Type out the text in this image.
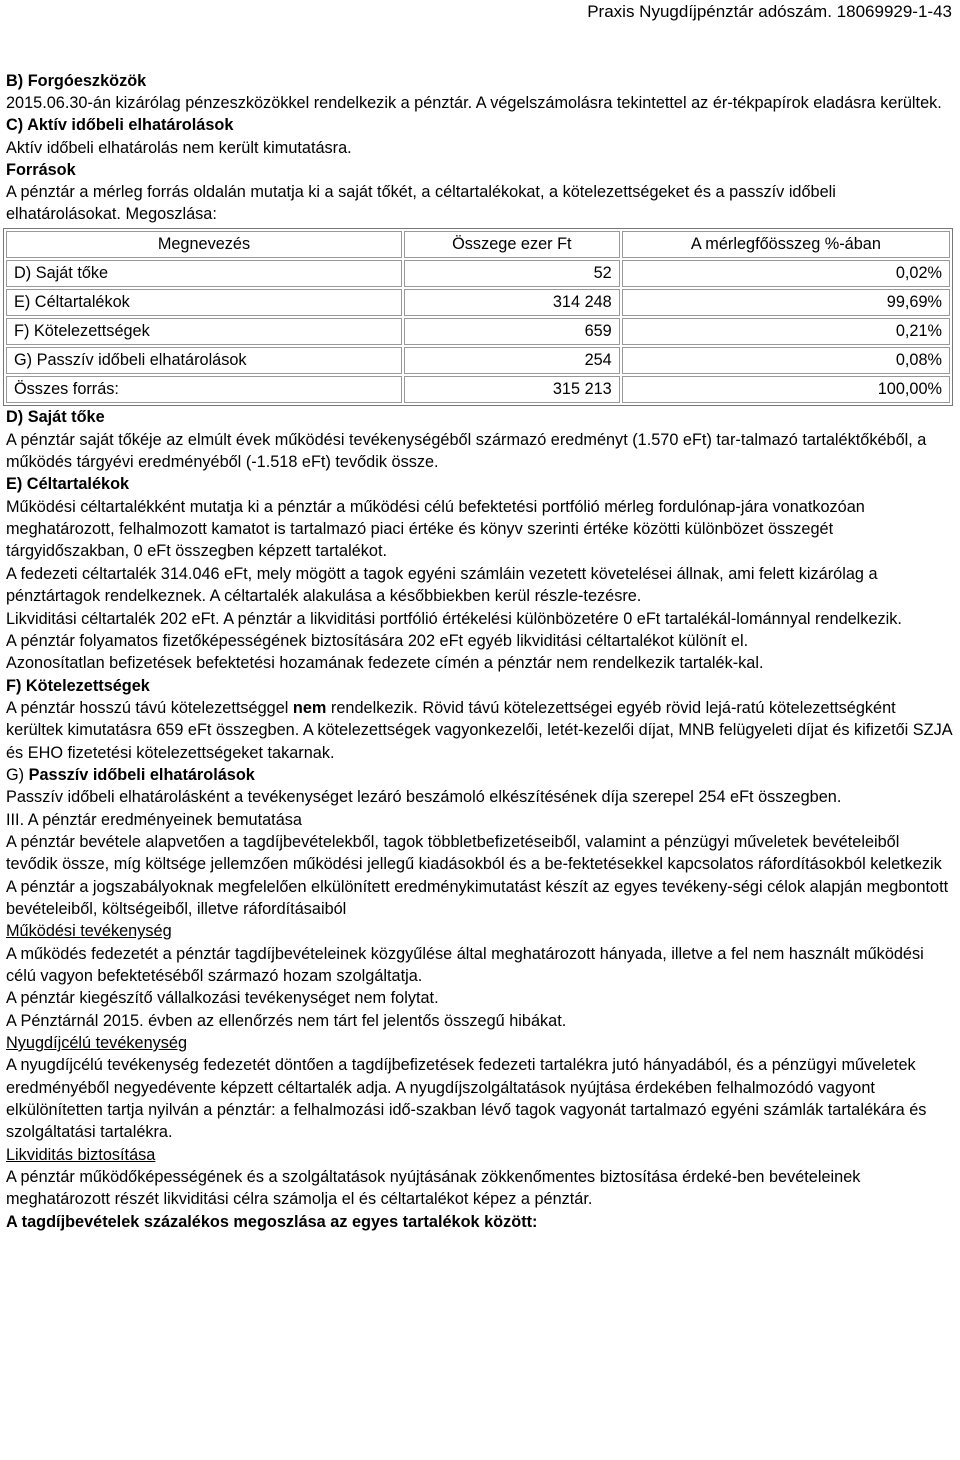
Praxis Nyugdíjpénztár adószám. 18069929-1-43

B) Forgóeszközök

2015.06.30-án kizárólag pénzeszközökkel rendelkezik a pénztár. A végelszámolásra tekintettel az ér-tékpapírok eladásra kerültek.

C) Aktív időbeli elhatárolások

Aktív időbeli elhatárolás nem került kimutatásra.

Források

A pénztár a mérleg forrás oldalán mutatja ki a saját tőkét, a céltartalékokat, a kötelezettségeket és a passzív időbeli elhatárolásokat. Megoszlása:

Megnevezés	Összege ezer Ft	A mérlegfőösszeg %-ában
D) Saját tőke	52	0,02%
E) Céltartalékok	314 248	99,69%
F) Kötelezettségek	659	0,21%
G) Passzív időbeli elhatárolások	254	0,08%
Összes forrás:	315 213	100,00%

D) Saját tőke

A pénztár saját tőkéje az elmúlt évek működési tevékenységéből származó eredményt (1.570 eFt) tar-talmazó tartaléktőkéből, a működés tárgyévi eredményéből (-1.518 eFt) tevődik össze.

E) Céltartalékok

Működési céltartalékként mutatja ki a pénztár a működési célú befektetési portfólió mérleg fordulónap-jára vonatkozóan meghatározott, felhalmozott kamatot is tartalmazó piaci értéke és könyv szerinti értéke közötti különbözet összegét tárgyidőszakban, 0 eFt összegben képzett tartalékot.

A fedezeti céltartalék 314.046 eFt, mely mögött a tagok egyéni számláin vezetett követelései állnak, ami felett kizárólag a pénztártagok rendelkeznek. A céltartalék alakulása a későbbiekben kerül részle-tezésre.

Likviditási céltartalék 202 eFt. A pénztár a likviditási portfólió értékelési különbözetére 0 eFt tartalékál-lománnyal rendelkezik.

A pénztár folyamatos fizetőképességének biztosítására 202 eFt egyéb likviditási céltartalékot különít el.

Azonosítatlan befizetések befektetési hozamának fedezete címén a pénztár nem rendelkezik tartalék-kal.

F) Kötelezettségek

A pénztár hosszú távú kötelezettséggel nem rendelkezik. Rövid távú kötelezettségei egyéb rövid lejá-ratú kötelezettségként kerültek kimutatásra 659 eFt összegben. A kötelezettségek vagyonkezelői, letét-kezelői díjat, MNB felügyeleti díjat és kifizetői SZJA és EHO fizetetési kötelezettségeket takarnak.

G) Passzív időbeli elhatárolások

Passzív időbeli elhatárolásként a tevékenységet lezáró beszámoló elkészítésének díja szerepel 254 eFt összegben.

III. A pénztár eredményeinek bemutatása

A pénztár bevétele alapvetően a tagdíjbevételekből, tagok többletbefizetéseiből, valamint a pénzügyi műveletek bevételeiből tevődik össze, míg költsége jellemzően működési jellegű kiadásokból és a be-fektetésekkel kapcsolatos ráfordításokból keletkezik

A pénztár a jogszabályoknak megfelelően elkülönített eredménykimutatást készít az egyes tevékeny-ségi célok alapján megbontott bevételeiből, költségeiből, illetve ráfordításaiból

Működési tevékenység

A működés fedezetét a pénztár tagdíjbevételeinek közgyűlése által meghatározott hányada, illetve a fel nem használt működési célú vagyon befektetéséből származó hozam szolgáltatja.

A pénztár kiegészítő vállalkozási tevékenységet nem folytat.

A Pénztárnál 2015. évben az ellenőrzés nem tárt fel jelentős összegű hibákat.

Nyugdíjcélú tevékenység

A nyugdíjcélú tevékenység fedezetét döntően a tagdíjbefizetések fedezeti tartalékra jutó hányadából, és a pénzügyi műveletek eredményéből negyedévente képzett céltartalék adja. A nyugdíjszolgáltatások nyújtása érdekében felhalmozódó vagyont elkülönítetten tartja nyilván a pénztár: a felhalmozási idő-szakban lévő tagok vagyonát tartalmazó egyéni számlák tartalékára és szolgáltatási tartalékra.

Likviditás biztosítása

A pénztár működőképességének és a szolgáltatások nyújtásának zökkenőmentes biztosítása érdeké-ben bevételeinek meghatározott részét likviditási célra számolja el és céltartalékot képez a pénztár.

A tagdíjbevételek százalékos megoszlása az egyes tartalékok között:
